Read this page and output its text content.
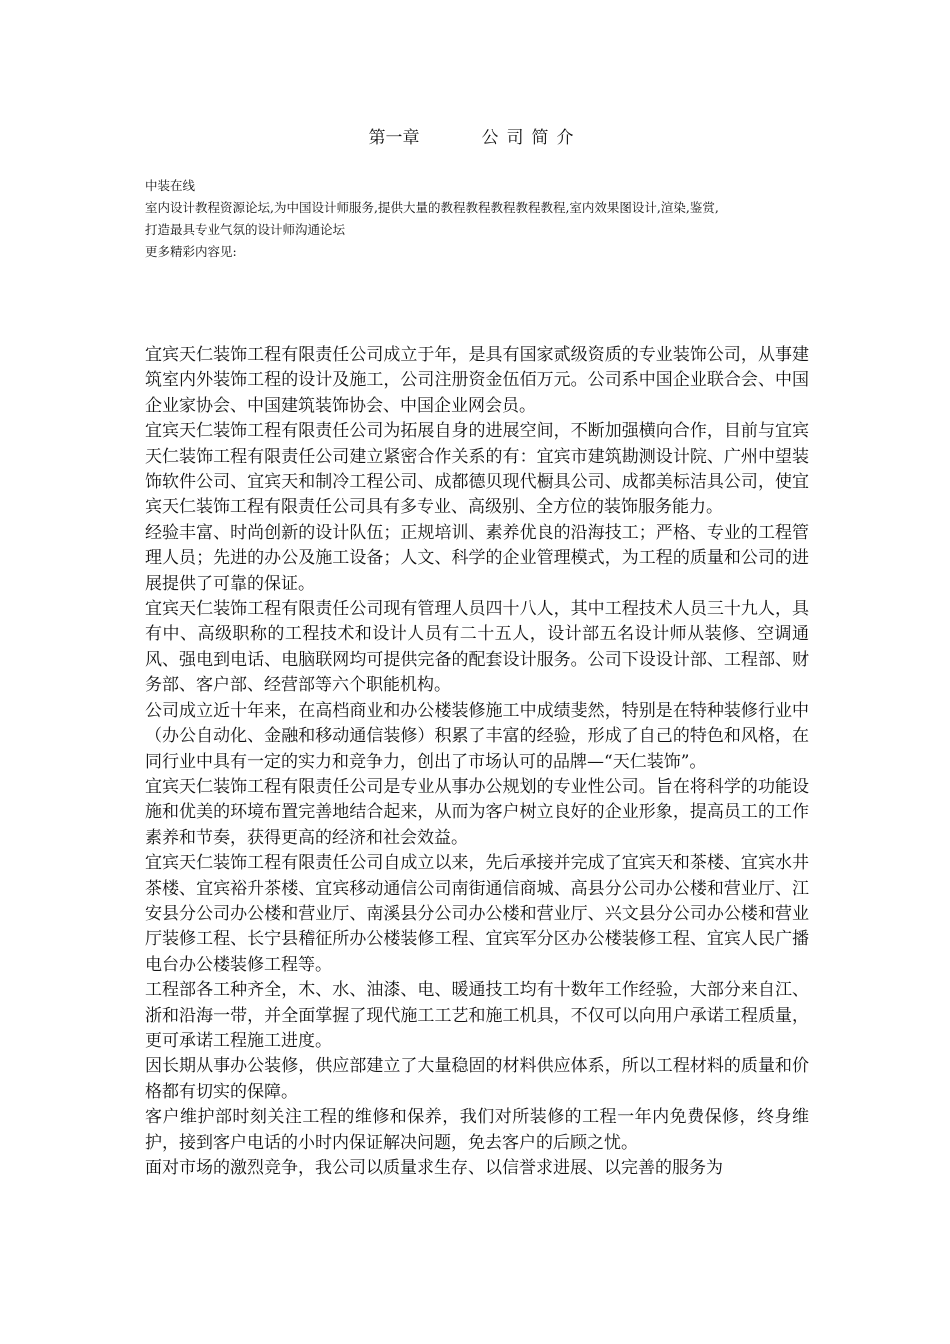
第一章	公司简介
中装在线
室内设计教程资源论坛,为中国设计师服务,提供大量的教程教程教程教程教程,室内效果图设计,渲染,鉴赏,
打造最具专业气氛的设计师沟通论坛
更多精彩内容见:

宜宾天仁装饰工程有限责任公司成立于年，是具有国家贰级资质的专业装饰公司，从事建筑室内外装饰工程的设计及施工，公司注册资金伍佰万元。公司系中国企业联合会、中国企业家协会、中国建筑装饰协会、中国企业网会员。

宜宾天仁装饰工程有限责任公司为拓展自身的进展空间，不断加强横向合作，目前与宜宾天仁装饰工程有限责任公司建立紧密合作关系的有：宜宾市建筑勘测设计院、广州中望装饰软件公司、宜宾天和制冷工程公司、成都德贝现代橱具公司、成都美标洁具公司，使宜宾天仁装饰工程有限责任公司具有多专业、高级别、全方位的装饰服务能力。

经验丰富、时尚创新的设计队伍；正规培训、素养优良的沿海技工；严格、专业的工程管理人员；先进的办公及施工设备；人文、科学的企业管理模式，为工程的质量和公司的进展提供了可靠的保证。

宜宾天仁装饰工程有限责任公司现有管理人员四十八人，其中工程技术人员三十九人，具有中、高级职称的工程技术和设计人员有二十五人，设计部五名设计师从装修、空调通风、强电到电话、电脑联网均可提供完备的配套设计服务。公司下设设计部、工程部、财务部、客户部、经营部等六个职能机构。

公司成立近十年来，在高档商业和办公楼装修施工中成绩斐然，特别是在特种装修行业中（办公自动化、金融和移动通信装修）积累了丰富的经验，形成了自己的特色和风格，在同行业中具有一定的实力和竞争力，创出了市场认可的品牌—“天仁装饰”。

宜宾天仁装饰工程有限责任公司是专业从事办公规划的专业性公司。旨在将科学的功能设施和优美的环境布置完善地结合起来，从而为客户树立良好的企业形象，提高员工的工作素养和节奏，获得更高的经济和社会效益。

宜宾天仁装饰工程有限责任公司自成立以来，先后承接并完成了宜宾天和茶楼、宜宾水井茶楼、宜宾裕升茶楼、宜宾移动通信公司南街通信商城、高县分公司办公楼和营业厅、江安县分公司办公楼和营业厅、南溪县分公司办公楼和营业厅、兴文县分公司办公楼和营业厅装修工程、长宁县稽征所办公楼装修工程、宜宾军分区办公楼装修工程、宜宾人民广播电台办公楼装修工程等。

工程部各工种齐全，木、水、油漆、电、暖通技工均有十数年工作经验，大部分来自江、浙和沿海一带，并全面掌握了现代施工工艺和施工机具，不仅可以向用户承诺工程质量，更可承诺工程施工进度。

因长期从事办公装修，供应部建立了大量稳固的材料供应体系，所以工程材料的质量和价格都有切实的保障。

客户维护部时刻关注工程的维修和保养，我们对所装修的工程一年内免费保修，终身维护，接到客户电话的小时内保证解决问题，免去客户的后顾之忧。

面对市场的激烈竞争，我公司以质量求生存、以信誉求进展、以完善的服务为
